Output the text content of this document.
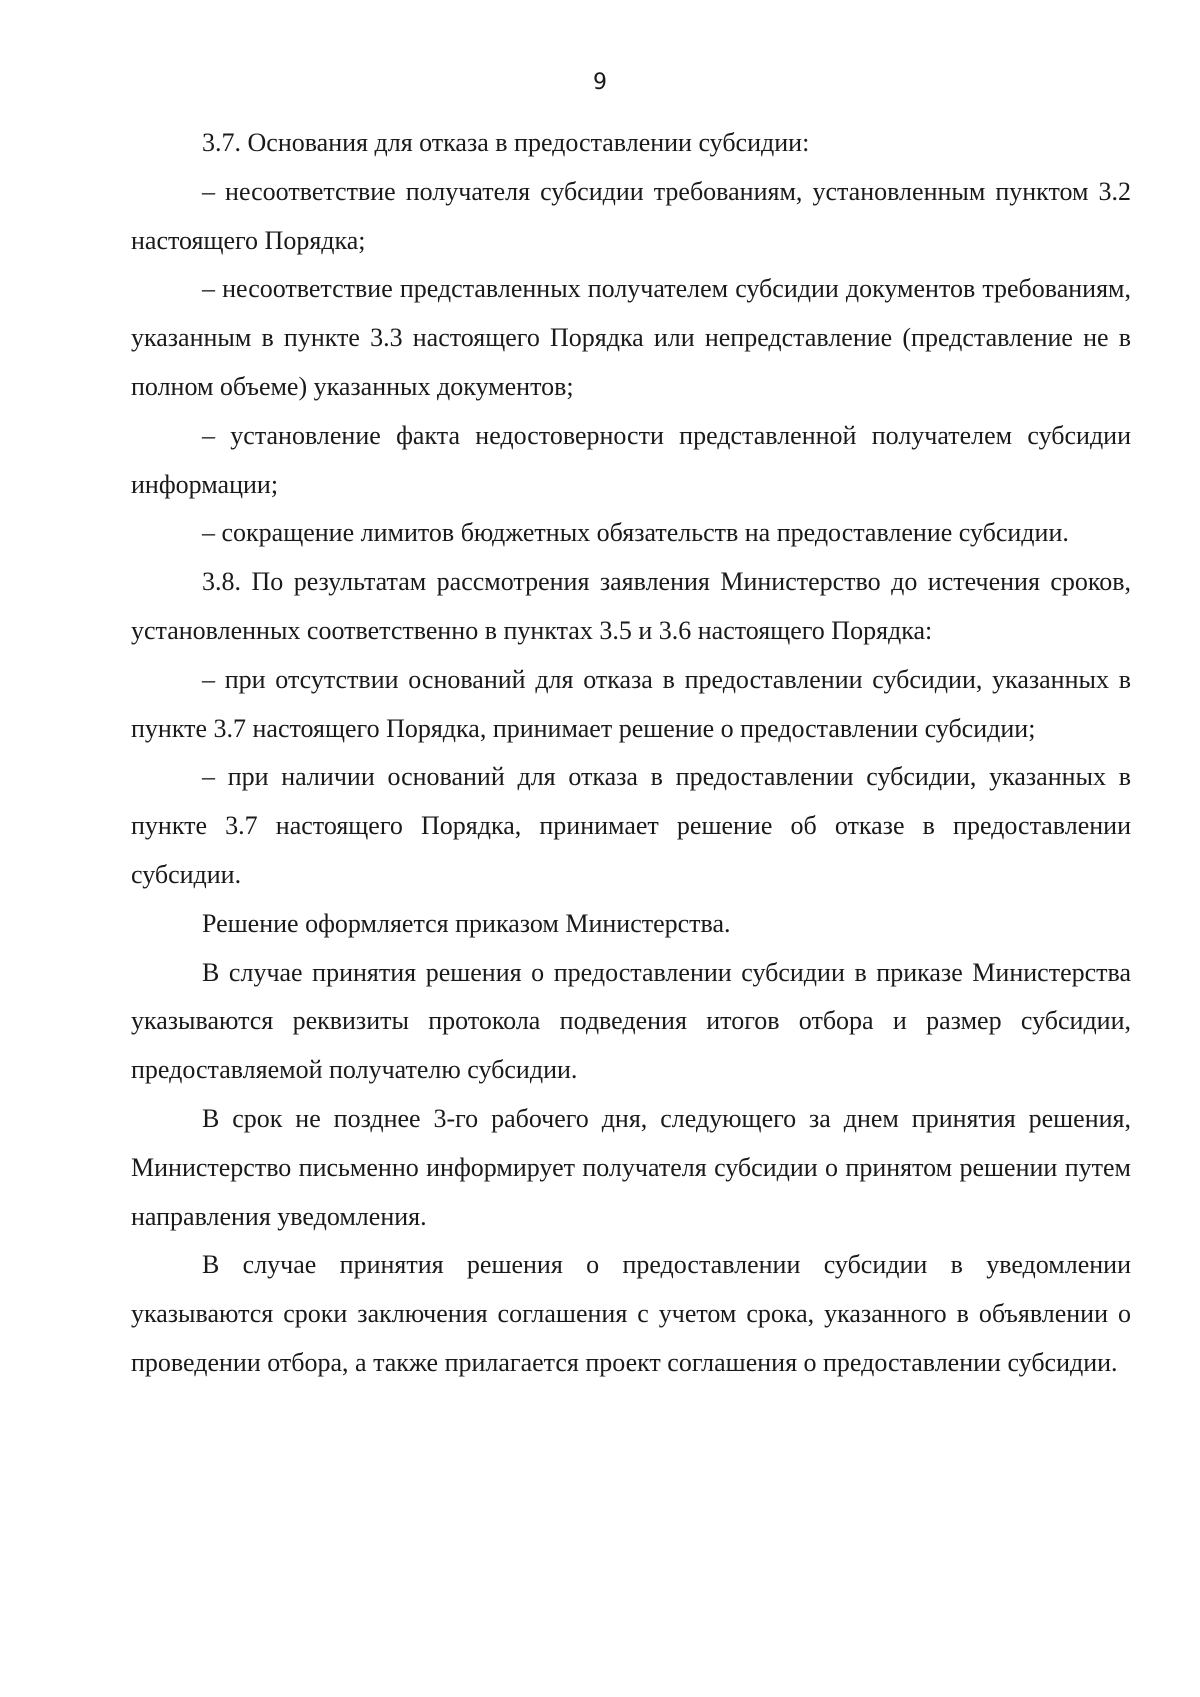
9

3.7. Основания для отказа в предоставлении субсидии:

– несоответствие получателя субсидии требованиям, установленным пунктом 3.2 настоящего Порядка;

– несоответствие представленных получателем субсидии документов требованиям, указанным в пункте 3.3 настоящего Порядка или непредставление (представление не в полном объеме) указанных документов;

– установление факта недостоверности представленной получателем субсидии информации;

– сокращение лимитов бюджетных обязательств на предоставление субсидии.

3.8. По результатам рассмотрения заявления Министерство до истечения сроков, установленных соответственно в пунктах 3.5 и 3.6 настоящего Порядка:

– при отсутствии оснований для отказа в предоставлении субсидии, указанных в пункте 3.7 настоящего Порядка, принимает решение о предоставлении субсидии;

– при наличии оснований для отказа в предоставлении субсидии, указанных в пункте 3.7 настоящего Порядка, принимает решение об отказе в предоставлении субсидии.

Решение оформляется приказом Министерства.

В случае принятия решения о предоставлении субсидии в приказе Министерства указываются реквизиты протокола подведения итогов отбора и размер субсидии, предоставляемой получателю субсидии.

В срок не позднее 3-го рабочего дня, следующего за днем принятия решения, Министерство письменно информирует получателя субсидии о принятом решении путем направления уведомления.

В случае принятия решения о предоставлении субсидии в уведомлении указываются сроки заключения соглашения с учетом срока, указанного в объявлении о проведении отбора, а также прилагается проект соглашения о предоставлении субсидии.
